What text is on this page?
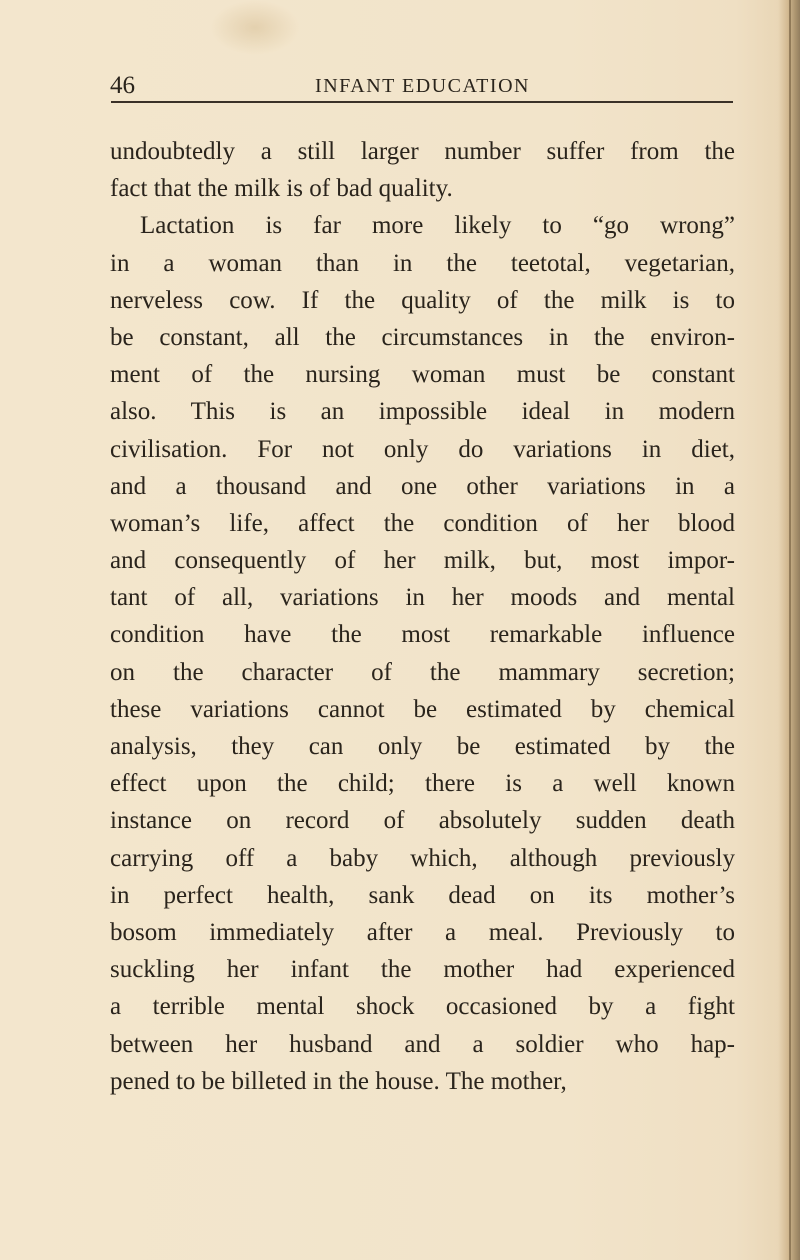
46	INFANT EDUCATION
undoubtedly a still larger number suffer from the
fact that the milk is of bad quality.
Lactation is far more likely to “go wrong”
in a woman than in the teetotal, vegetarian,
nerveless cow. If the quality of the milk is to
be constant, all the circumstances in the environ-
ment of the nursing woman must be constant
also. This is an impossible ideal in modern
civilisation. For not only do variations in diet,
and a thousand and one other variations in a
woman’s life, affect the condition of her blood
and consequently of her milk, but, most impor-
tant of all, variations in her moods and mental
condition have the most remarkable influence
on the character of the mammary secretion;
these variations cannot be estimated by chemical
analysis, they can only be estimated by the
effect upon the child; there is a well known
instance on record of absolutely sudden death
carrying off a baby which, although previously
in perfect health, sank dead on its mother’s
bosom immediately after a meal. Previously to
suckling her infant the mother had experienced
a terrible mental shock occasioned by a fight
between her husband and a soldier who hap-
pened to be billeted in the house. The mother,
